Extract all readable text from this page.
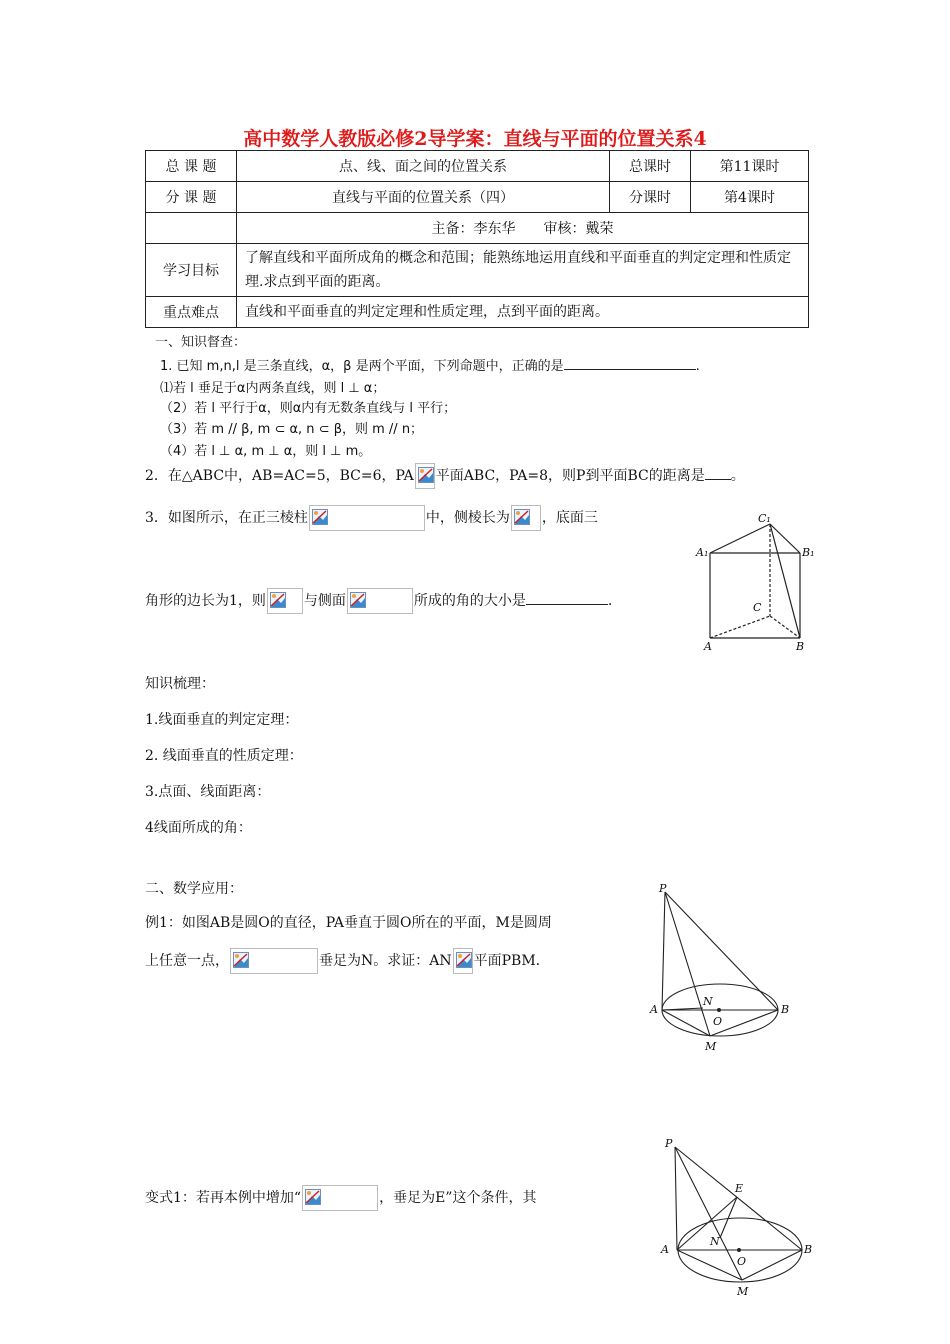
高中数学人教版必修2导学案：直线与平面的位置关系4
总 课 题	点、线、面之间的位置关系	总课时	第11课时
分 课 题	直线与平面的位置关系（四）	分课时	第4课时
	主备：李东华　　审核：戴荣		
学习目标	了解直线和平面所成角的概念和范围；能熟练地运用直线和平面垂直的判定定理和性质定理.求点到平面的距离。		
重点难点	直线和平面垂直的判定定理和性质定理，点到平面的距离。		
一、知识督查：
1. 已知 m,n,l 是三条直线，α，β 是两个平面，下列命题中，正确的是	.
⑴若 l 垂足于α内两条直线，则 l ⊥ α；
（2）若 l 平行于α，则α内有无数条直线与 l 平行；
（3）若 m // β, m ⊂ α, n ⊂ β，则 m // n；
（4）若 l ⊥ α, m ⊥ α，则 l ⊥ m。
2．在△ABC中，AB=AC=5，BC=6，PA 平面ABC，PA=8，则P到平面BC的距离是 。
3．如图所示，在正三棱柱	中，侧棱长为 ，底面三
角形的边长为1，则	与侧面	所成的角的大小是	.
C₁
A₁	B₁
C
A	B
知识梳理：
1.线面垂直的判定定理：
2. 线面垂直的性质定理：
3.点面、线面距离：
4线面所成的角：
二、数学应用：
例1：如图AB是圆O的直径，PA垂直于圆O所在的平面，M是圆周
上任意一点，	垂足为N。求证：AN 平面PBM.
P
N
A	B
O
M
变式1：若再本例中增加“	，垂足为E”这个条件，其
P
E
N
A	B
O
M
